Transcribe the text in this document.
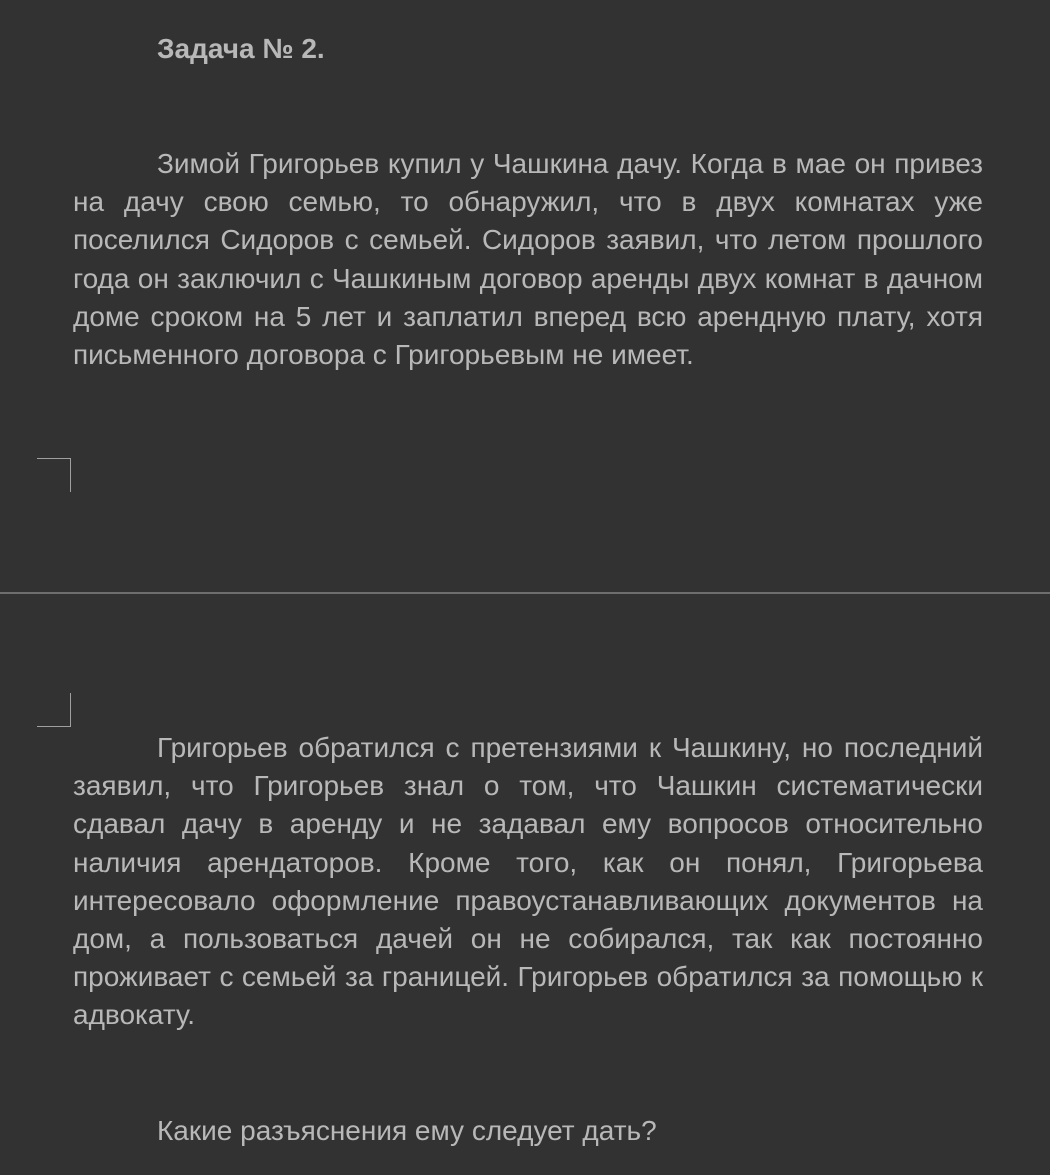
Задача № 2.

Зимой Григорьев купил у Чашкина дачу. Когда в мае он привез на дачу свою семью, то обнаружил, что в двух комнатах уже поселился Сидоров с семьей. Сидоров заявил, что летом прошлого года он заключил с Чашкиным договор аренды двух комнат в дачном доме сроком на 5 лет и заплатил вперед всю арендную плату, хотя письменного договора с Григорьевым не имеет.

Григорьев обратился с претензиями к Чашкину, но последний заявил, что Григорьев знал о том, что Чашкин систематически сдавал дачу в аренду и не задавал ему вопросов относительно наличия арендаторов. Кроме того, как он понял, Григорьева интересовало оформление правоустанавливающих документов на дом, а пользоваться дачей он не собирался, так как постоянно проживает с семьей за границей. Григорьев обратился за помощью к адвокату.

Какие разъяснения ему следует дать?
